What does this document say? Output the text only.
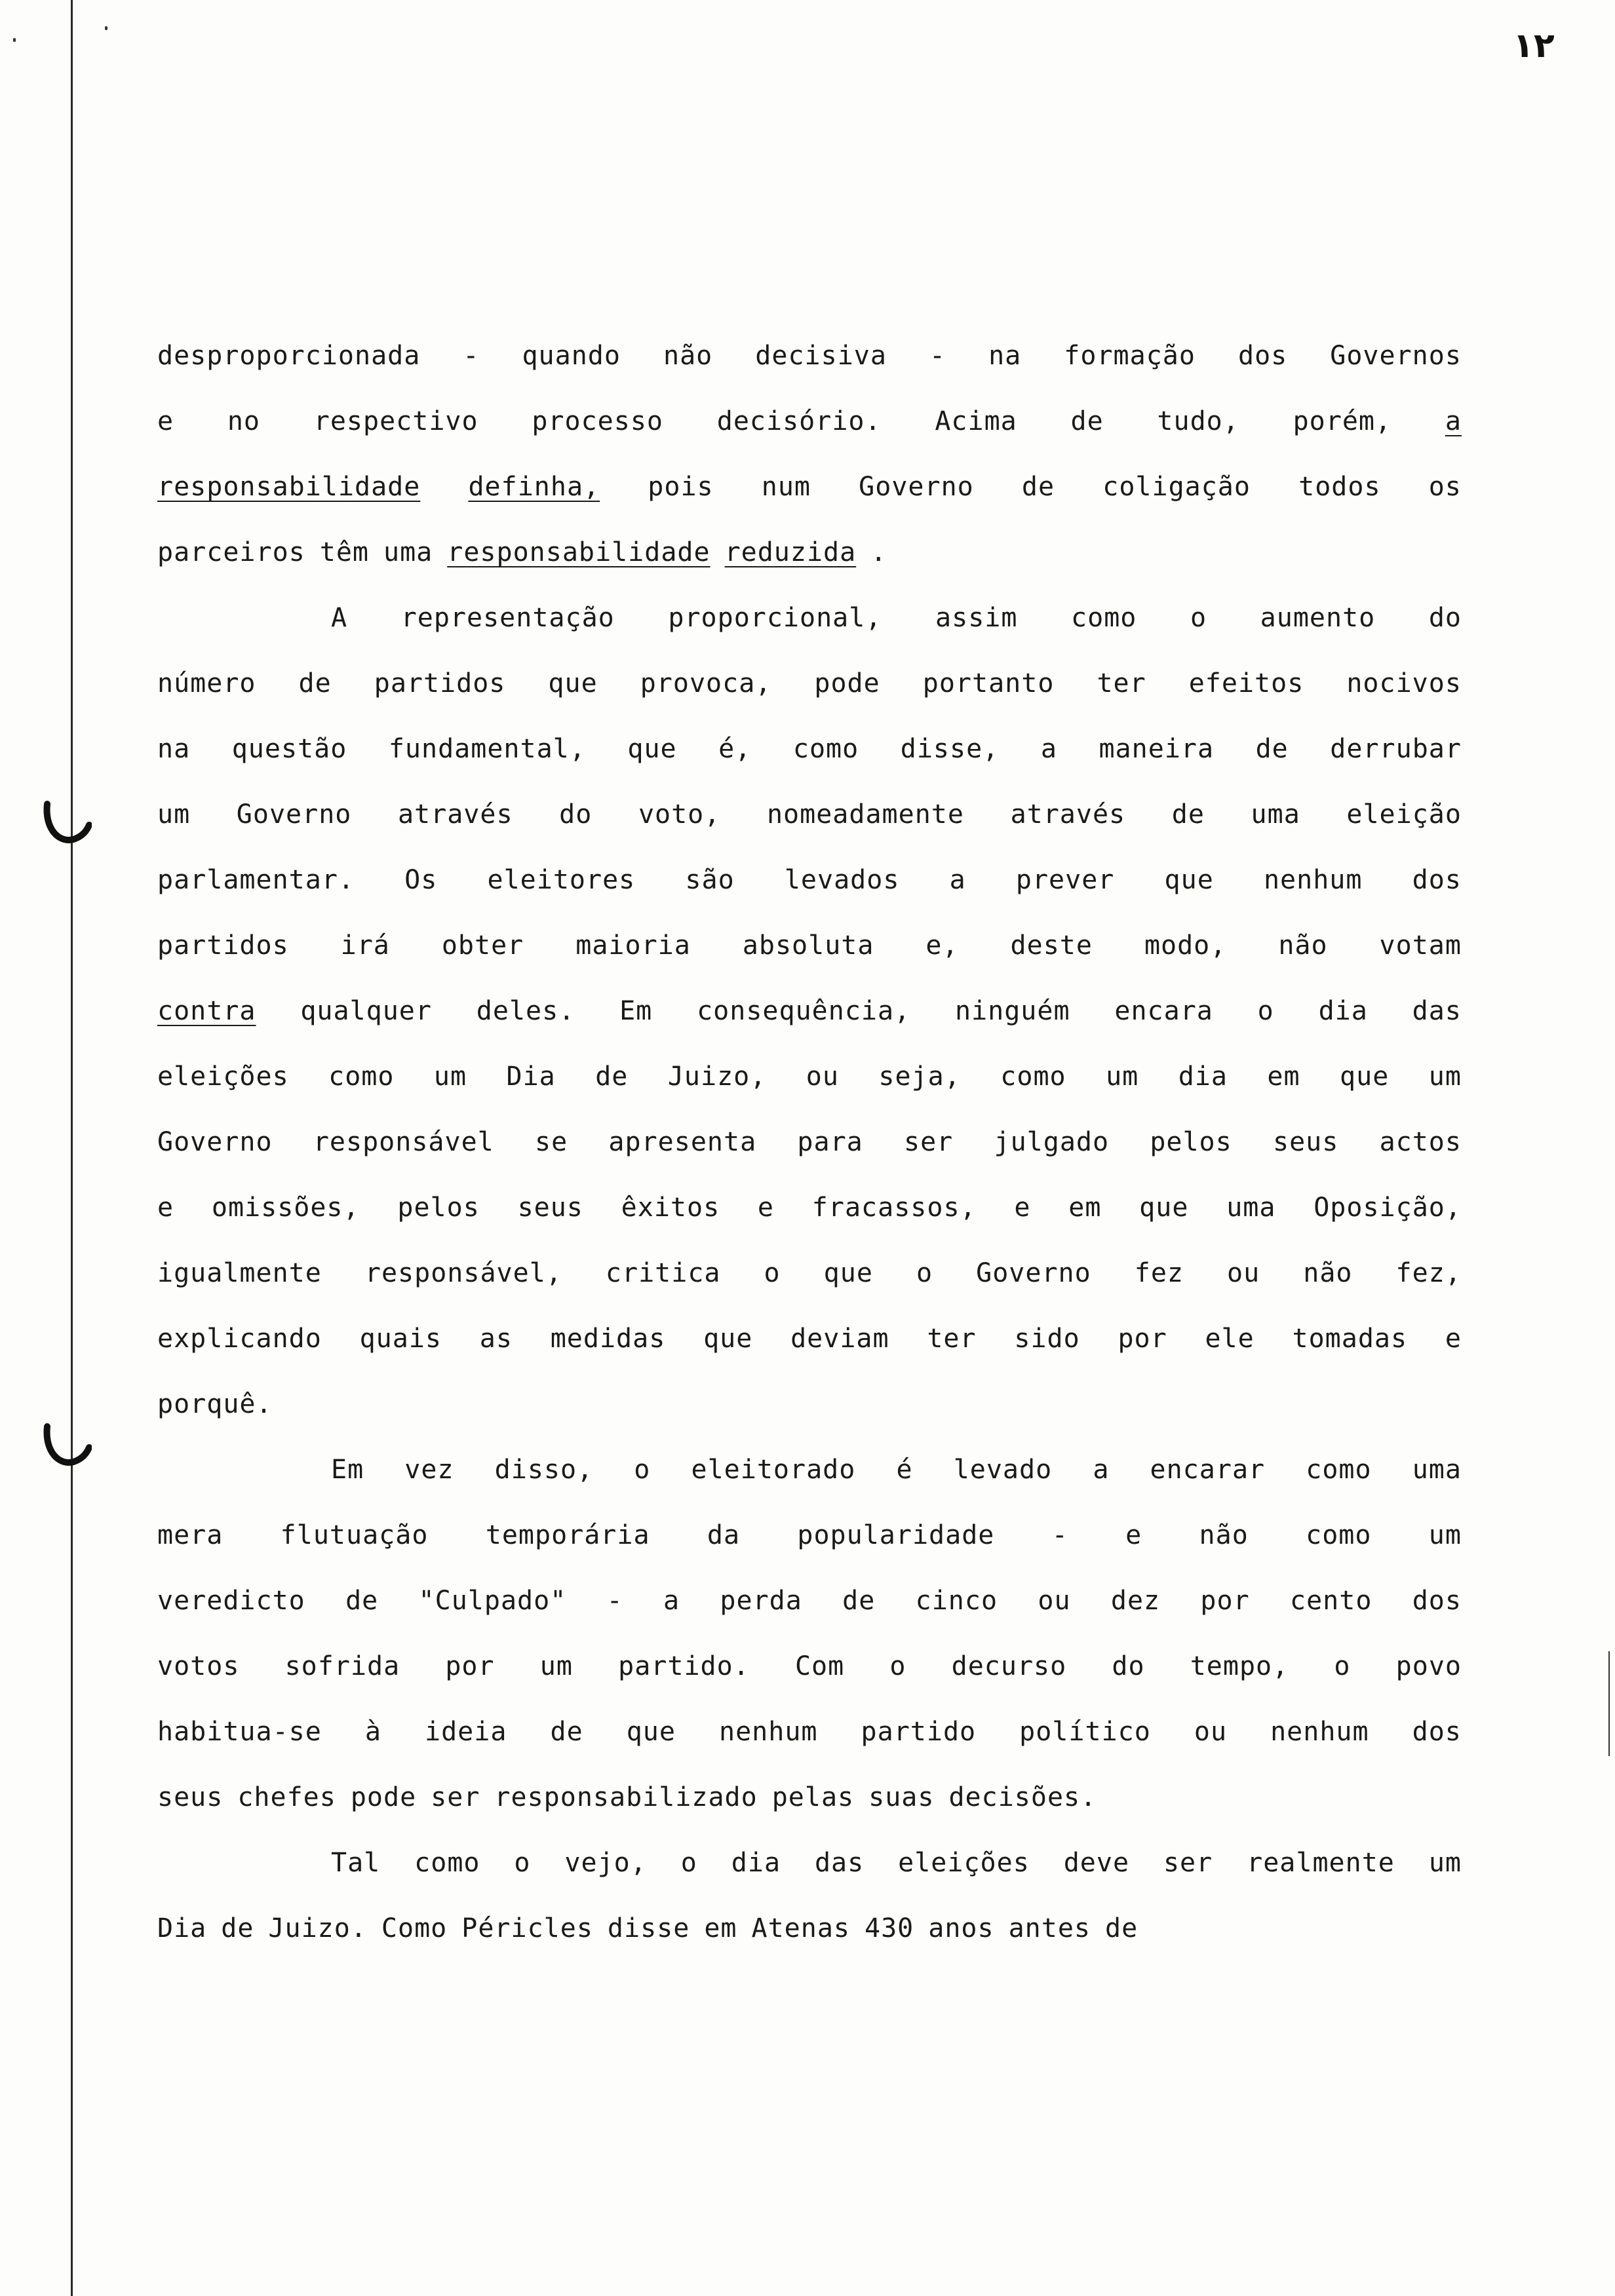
١٢
desproporcionada - quando não decisiva - na formação dos Governos
e no respectivo processo decisório. Acima de tudo, porém, a
responsabilidade definha, pois num Governo de coligação todos os
parceiros têm uma responsabilidade reduzida .
A representação proporcional, assim como o aumento do
número de partidos que provoca, pode portanto ter efeitos nocivos
na questão fundamental, que é, como disse, a maneira de derrubar
um Governo através do voto, nomeadamente através de uma eleição
parlamentar. Os eleitores são levados a prever que nenhum dos
partidos irá obter maioria absoluta e, deste modo, não votam
contra qualquer deles. Em consequência, ninguém encara o dia das
eleições como um Dia de Juizo, ou seja, como um dia em que um
Governo responsável se apresenta para ser julgado pelos seus actos
e omissões, pelos seus êxitos e fracassos, e em que uma Oposição,
igualmente responsável, critica o que o Governo fez ou não fez,
explicando quais as medidas que deviam ter sido por ele tomadas e
porquê.
Em vez disso, o eleitorado é levado a encarar como uma
mera flutuação temporária da popularidade - e não como um
veredicto de "Culpado" - a perda de cinco ou dez por cento dos
votos sofrida por um partido. Com o decurso do tempo, o povo
habitua-se à ideia de que nenhum partido político ou nenhum dos
seus chefes pode ser responsabilizado pelas suas decisões.
Tal como o vejo, o dia das eleições deve ser realmente um
Dia de Juizo. Como Péricles disse em Atenas 430 anos antes de
